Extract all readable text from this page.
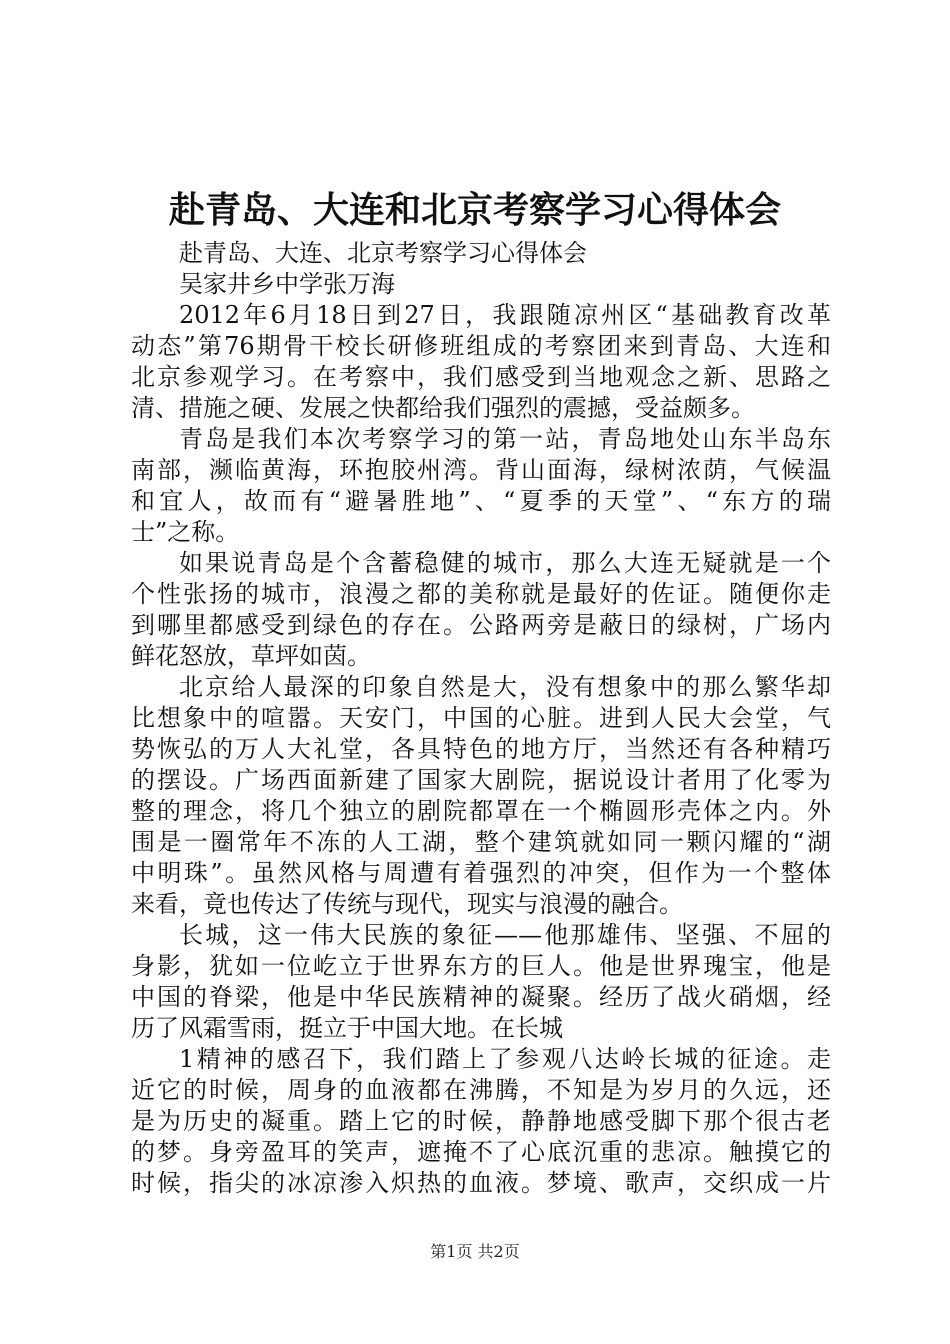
赴青岛、大连和北京考察学习心得体会
赴青岛、大连、北京考察学习心得体会
吴家井乡中学张万海
2012年6月18日到27日，我跟随凉州区“基础教育改革
动态”第76期骨干校长研修班组成的考察团来到青岛、大连和
北京参观学习。在考察中，我们感受到当地观念之新、思路之
清、措施之硬、发展之快都给我们强烈的震撼，受益颇多。
青岛是我们本次考察学习的第一站，青岛地处山东半岛东
南部，濒临黄海，环抱胶州湾。背山面海，绿树浓荫，气候温
和宜人，故而有“避暑胜地”、“夏季的天堂”、“东方的瑞
士”之称。
如果说青岛是个含蓄稳健的城市，那么大连无疑就是一个
个性张扬的城市，浪漫之都的美称就是最好的佐证。随便你走
到哪里都感受到绿色的存在。公路两旁是蔽日的绿树，广场内
鲜花怒放，草坪如茵。
北京给人最深的印象自然是大，没有想象中的那么繁华却
比想象中的喧嚣。天安门，中国的心脏。进到人民大会堂，气
势恢弘的万人大礼堂，各具特色的地方厅，当然还有各种精巧
的摆设。广场西面新建了国家大剧院，据说设计者用了化零为
整的理念，将几个独立的剧院都罩在一个椭圆形壳体之内。外
围是一圈常年不冻的人工湖，整个建筑就如同一颗闪耀的“湖
中明珠”。虽然风格与周遭有着强烈的冲突，但作为一个整体
来看，竟也传达了传统与现代，现实与浪漫的融合。
长城，这一伟大民族的象征——他那雄伟、坚强、不屈的
身影，犹如一位屹立于世界东方的巨人。他是世界瑰宝，他是
中国的脊梁，他是中华民族精神的凝聚。经历了战火硝烟，经
历了风霜雪雨，挺立于中国大地。在长城
1精神的感召下，我们踏上了参观八达岭长城的征途。走
近它的时候，周身的血液都在沸腾，不知是为岁月的久远，还
是为历史的凝重。踏上它的时候，静静地感受脚下那个很古老
的梦。身旁盈耳的笑声，遮掩不了心底沉重的悲凉。触摸它的
时候，指尖的冰凉渗入炽热的血液。梦境、歌声，交织成一片
第1页 共2页
